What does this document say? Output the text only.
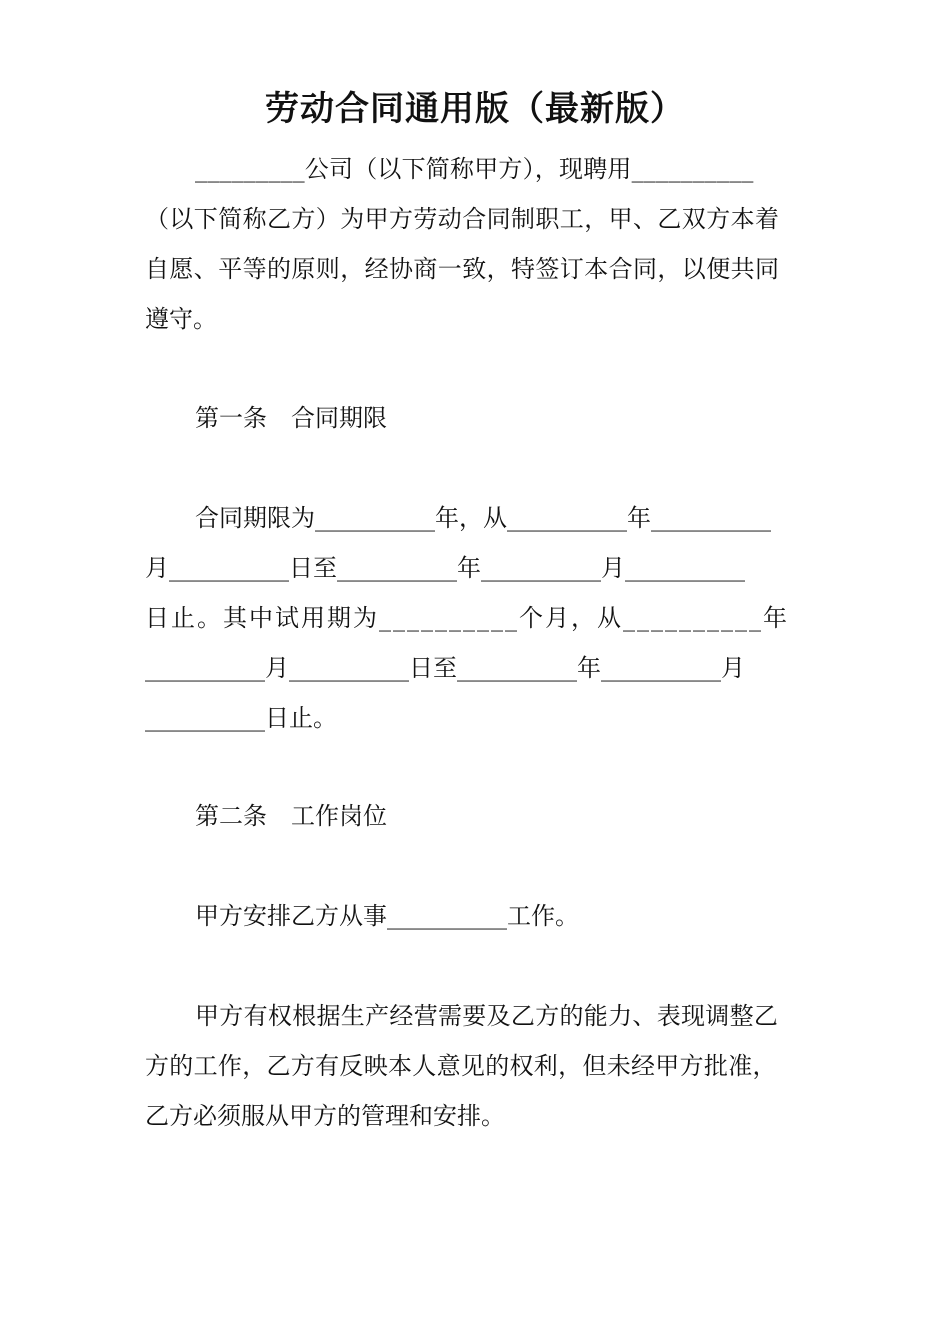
劳动合同通用版（最新版）
_________公司（以下简称甲方），现聘用__________
（以下简称乙方）为甲方劳动合同制职工，甲、乙双方本着
自愿、平等的原则，经协商一致，特签订本合同，以便共同
遵守。
第一条　合同期限
合同期限为__________年，从__________年__________
月__________日至__________年__________月__________
日止。其中试用期为__________个月，从__________年
__________月__________日至__________年__________月
__________日止。
第二条　工作岗位
甲方安排乙方从事__________工作。
甲方有权根据生产经营需要及乙方的能力、表现调整乙
方的工作，乙方有反映本人意见的权利，但未经甲方批准，
乙方必须服从甲方的管理和安排。
